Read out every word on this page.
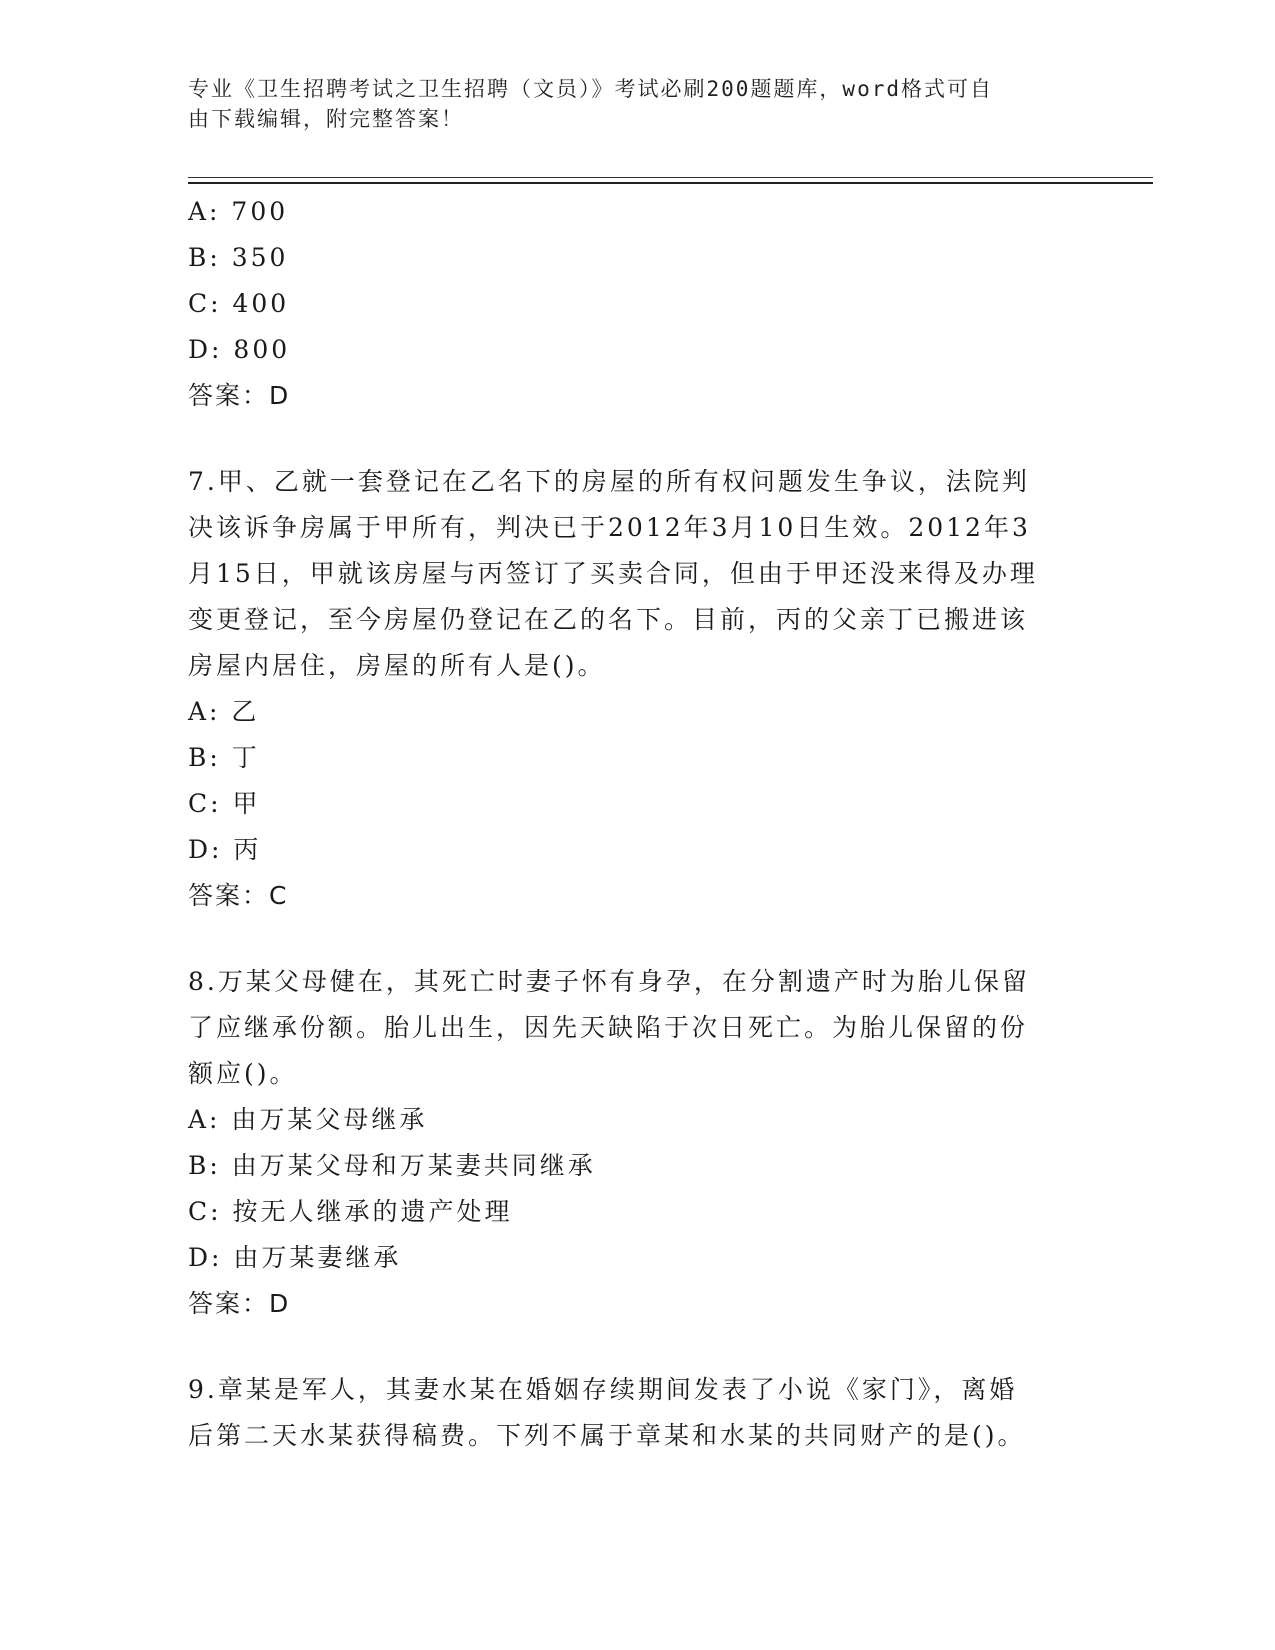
专业《卫生招聘考试之卫生招聘（文员）》考试必刷200题题库，word格式可自
由下载编辑，附完整答案！
A: 700
B: 350
C: 400
D: 800
答案：D
7.甲、乙就一套登记在乙名下的房屋的所有权问题发生争议，法院判
决该诉争房属于甲所有，判决已于2012年3月10日生效。2012年3
月15日，甲就该房屋与丙签订了买卖合同，但由于甲还没来得及办理
变更登记，至今房屋仍登记在乙的名下。目前，丙的父亲丁已搬进该
房屋内居住，房屋的所有人是()。
A: 乙
B: 丁
C: 甲
D: 丙
答案：C
8.万某父母健在，其死亡时妻子怀有身孕，在分割遗产时为胎儿保留
了应继承份额。胎儿出生，因先天缺陷于次日死亡。为胎儿保留的份
额应()。
A: 由万某父母继承
B: 由万某父母和万某妻共同继承
C: 按无人继承的遗产处理
D: 由万某妻继承
答案：D
9.章某是军人，其妻水某在婚姻存续期间发表了小说《家门》，离婚
后第二天水某获得稿费。下列不属于章某和水某的共同财产的是()。
